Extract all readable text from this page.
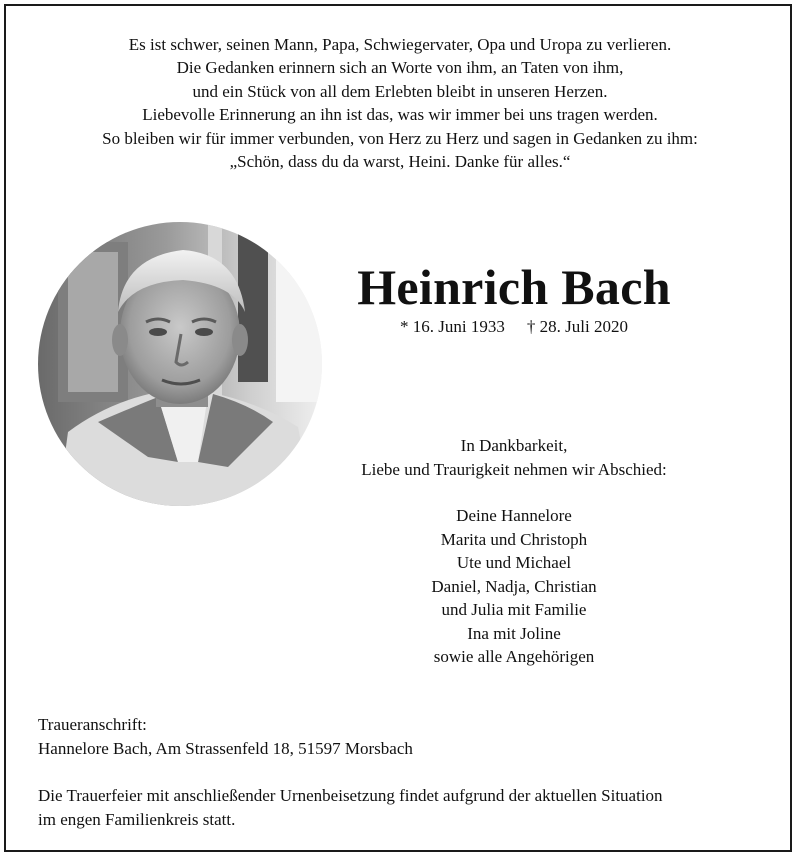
Es ist schwer, seinen Mann, Papa, Schwiegervater, Opa und Uropa zu verlieren.
Die Gedanken erinnern sich an Worte von ihm, an Taten von ihm,
und ein Stück von all dem Erlebten bleibt in unseren Herzen.
Liebevolle Erinnerung an ihn ist das, was wir immer bei uns tragen werden.
So bleiben wir für immer verbunden, von Herz zu Herz und sagen in Gedanken zu ihm:
„Schön, dass du da warst, Heini. Danke für alles.“
Heinrich Bach
* 16. Juni 1933 † 28. Juli 2020
In Dankbarkeit,
Liebe und Traurigkeit nehmen wir Abschied:
Deine Hannelore
Marita und Christoph
Ute und Michael
Daniel, Nadja, Christian
und Julia mit Familie
Ina mit Joline
sowie alle Angehörigen
Traueranschrift:
Hannelore Bach, Am Strassenfeld 18, 51597 Morsbach
Die Trauerfeier mit anschließender Urnenbeisetzung findet aufgrund der aktuellen Situation
im engen Familienkreis statt.
